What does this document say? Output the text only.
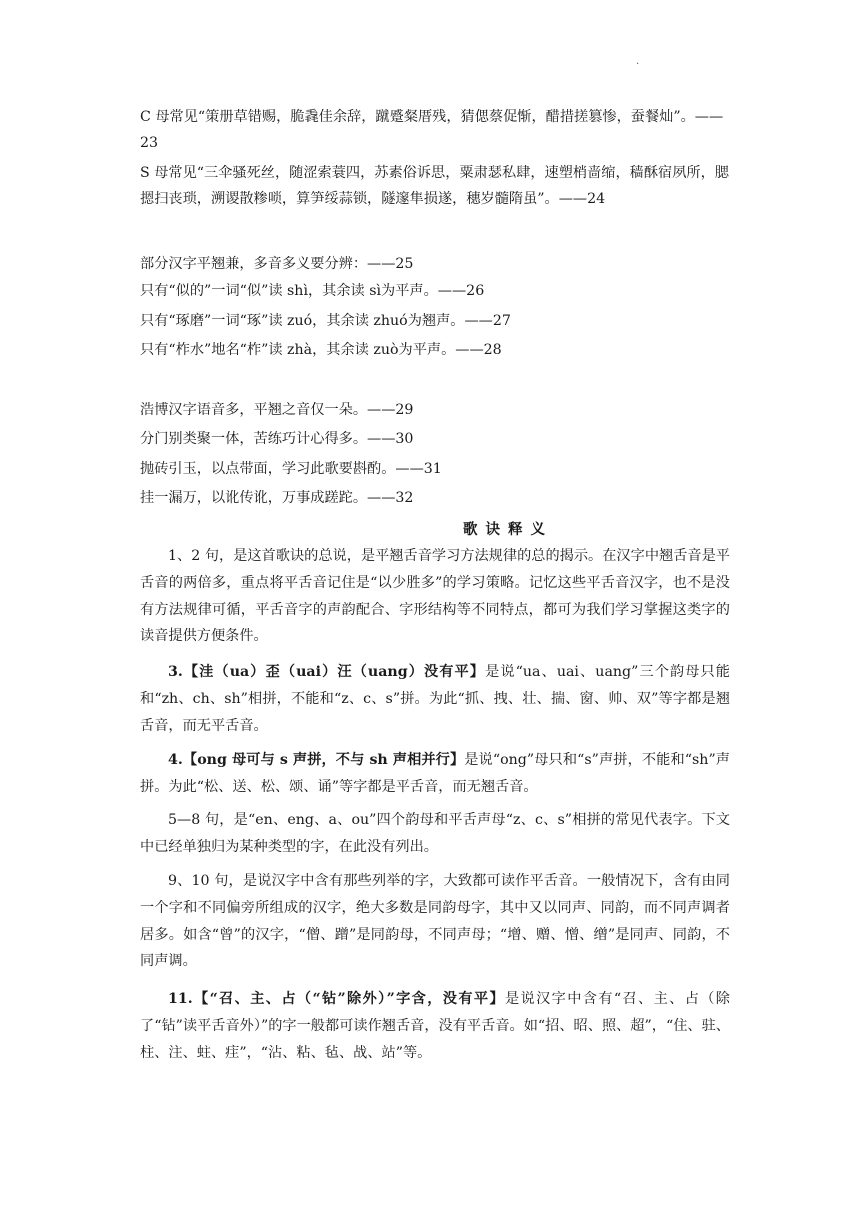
.
C 母常见“策册草错赐，脆毳佳余辞，蹴蹙粲厝残，猜偲蔡促惭，醋措搓篡惨，蚕餐灿”。——23
S 母常见“三伞骚死丝，随涩索蓑四，苏素俗诉思，粟肃瑟私肆，速塑梢啬缩，穑酥宿夙所，腮摁扫丧琐，溯谡散糁唢，算笋绥蒜锁，隧邃隼损遂，穗岁髓隋虽”。——24
部分汉字平翘兼，多音多义要分辨：——25
只有“似的”一词“似”读 shì，其余读 sì为平声。——26
只有“琢磨”一词“琢”读 zuó，其余读 zhuó为翘声。——27
只有“柞水”地名“柞”读 zhà，其余读 zuò为平声。——28
浩博汉字语音多，平翘之音仅一朵。——29
分门别类聚一体，苦练巧计心得多。——30
抛砖引玉，以点带面，学习此歌要斟酌。——31
挂一漏万，以讹传讹，万事成蹉跎。——32
歌诀释义
1、2 句，是这首歌诀的总说，是平翘舌音学习方法规律的总的揭示。在汉字中翘舌音是平舌音的两倍多，重点将平舌音记住是“以少胜多”的学习策略。记忆这些平舌音汉字，也不是没有方法规律可循，平舌音字的声韵配合、字形结构等不同特点，都可为我们学习掌握这类字的读音提供方便条件。
3.【洼（ua）歪（uai）汪（uang）没有平】是说“ua、uai、uang”三个韵母只能和“zh、ch、sh”相拼，不能和“z、c、s”拼。为此“抓、拽、壮、揣、窗、帅、双”等字都是翘舌音，而无平舌音。
4.【ong 母可与 s 声拼，不与 sh 声相并行】是说“ong”母只和“s”声拼，不能和“sh”声拼。为此“松、送、松、颂、诵”等字都是平舌音，而无翘舌音。
5—8 句，是“en、eng、a、ou”四个韵母和平舌声母“z、c、s”相拼的常见代表字。下文中已经单独归为某种类型的字，在此没有列出。
9、10 句，是说汉字中含有那些列举的字，大致都可读作平舌音。一般情况下，含有由同一个字和不同偏旁所组成的汉字，绝大多数是同韵母字，其中又以同声、同韵，而不同声调者居多。如含“曾”的汉字，“僧、蹭”是同韵母，不同声母；“增、赠、憎、缯”是同声、同韵，不同声调。
11.【“召、主、占（“钻”除外）”字含，没有平】是说汉字中含有“召、主、占（除了“钻”读平舌音外）”的字一般都可读作翘舌音，没有平舌音。如“招、昭、照、超”，“住、驻、柱、注、蛀、疰”，“沾、粘、毡、战、站”等。
